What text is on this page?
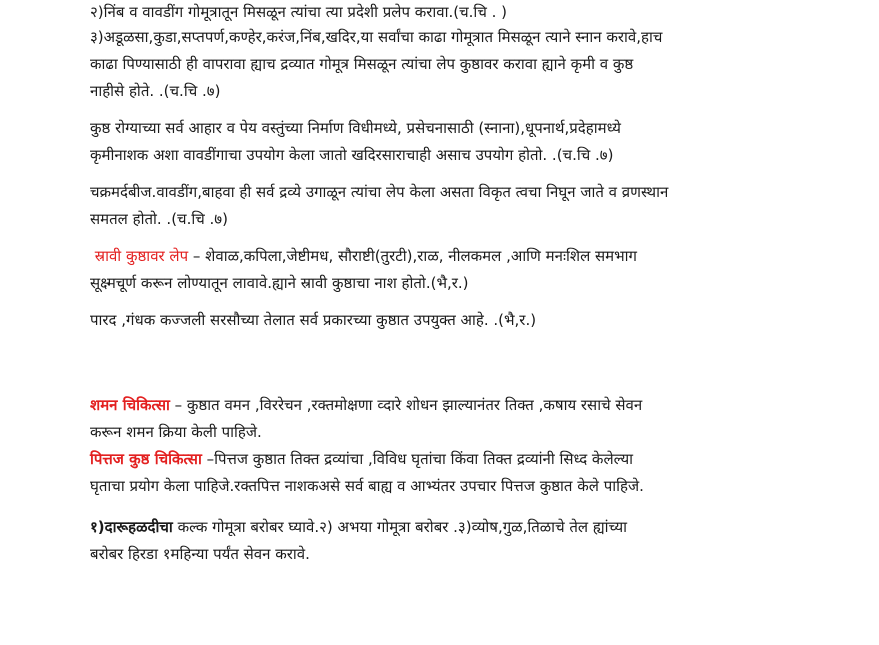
२)निंब व वावडींग गोमूत्रातून मिसळून त्यांचा त्या प्रदेशी प्रलेप करावा.(च.चि . )

३)अडूळसा,कुडा,सप्तपर्ण,कण्हेर,करंज,निंब,खदिर,या सर्वांचा काढा गोमूत्रात मिसळून त्याने स्नान करावे,हाच

काढा पिण्यासाठी ही वापरावा ह्याच द्रव्यात गोमूत्र मिसळून त्यांचा लेप कुष्ठावर करावा ह्याने कृमी व कुष्ठ

नाहीसे होते. .(च.चि .७)

कुष्ठ रोग्याच्या सर्व आहार व पेय वस्तुंच्या निर्माण विधीमध्ये, प्रसेचनासाठी (स्नाना),धूपनार्थ,प्रदेहामध्ये

कृमीनाशक अशा वावडींगाचा उपयोग केला जातो खदिरसाराचाही असाच उपयोग होतो. .(च.चि .७)

चक्रमर्दबीज.वावडींग,बाहवा ही सर्व द्रव्ये उगाळून त्यांचा लेप केला असता विकृत त्वचा निघून जाते व व्रणस्थान

समतल होतो. .(च.चि .७)

स्रावी कुष्ठावर लेप – शेवाळ,कपिला,जेष्टीमध, सौराष्टी(तुरटी),राळ, नीलकमल ,आणि मनःशिल समभाग

सूक्ष्मचूर्ण करून लोण्यातून लावावे.ह्याने स्रावी कुष्ठाचा नाश होतो.(भै,र.)

पारद ,गंधक कज्जली सरसौच्या तेलात सर्व प्रकारच्या कुष्ठात उपयुक्त आहे. .(भै,र.)

शमन चिकित्सा – कुष्ठात वमन ,विररेचन ,रक्तमोक्षणा व्दारे शोधन झाल्यानंतर तिक्त ,कषाय रसाचे सेवन

करून शमन क्रिया केली पाहिजे.

पित्तज कुष्ठ चिकित्सा –पित्तज कुष्ठात तिक्त द्रव्यांचा ,विविध घृतांचा किंवा तिक्त द्रव्यांनी सिध्द केलेल्या

घृताचा प्रयोग केला पाहिजे.रक्तपित्त नाशकअसे सर्व बाह्य व आभ्यंतर उपचार पित्तज कुष्ठात केले पाहिजे.

१)दारूहळदीचा कल्क गोमूत्रा बरोबर घ्यावे.२) अभया गोमूत्रा बरोबर .३)व्योष,गुळ,तिळाचे तेल ह्यांच्या

बरोबर हिरडा १महिन्या पर्यंत सेवन करावे.
